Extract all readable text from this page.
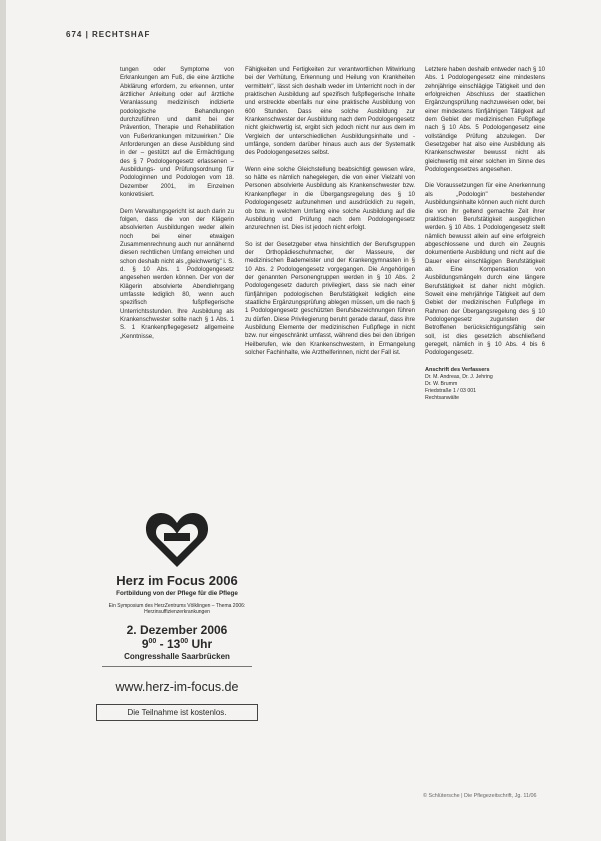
674 | RECHTSHAF

tungen oder Symptome von Erkrankungen am Fuß, die eine ärztliche Abklärung erfordern, zu erkennen, unter ärztlicher Anleitung oder auf ärztliche Veranlassung medizinisch indizierte podologische Behandlungen durchzuführen und damit bei der Prävention, Therapie und Rehabilitation von Fußerkrankungen mitzuwirken." Die Anforderungen an diese Ausbildung sind in der – gestützt auf die Ermächtigung des § 7 Podologengesetz erlassenen – Ausbildungs- und Prüfungsordnung für Podologinnen und Podologen vom 18. Dezember 2001, im Einzelnen konkretisiert.

Dem Verwaltungsgericht ist auch darin zu folgen, dass die von der Klägerin absolvierten Ausbildungen weder allein noch bei einer etwaigen Zusammenrechnung auch nur annähernd diesen rechtlichen Umfang erreichen und schon deshalb nicht als „gleichwertig" i. S. d. § 10 Abs. 1 Podologengesetz angesehen werden können. Der von der Klägerin absolvierte Abendlehrgang umfasste lediglich 80, wenn auch spezifisch fußpflegerische Unterrichtsstunden. Ihre Ausbildung als Krankenschwester sollte nach § 1 Abs. 1 S. 1 Krankenpflegegesetz allgemeine „Kenntnisse,

Fähigkeiten und Fertigkeiten zur verantwortlichen Mitwirkung bei der Verhütung, Erkennung und Heilung von Krankheiten vermitteln", lässt sich deshalb weder im Unterricht noch in der praktischen Ausbildung auf spezifisch fußpflegerische Inhalte und erstreckte ebenfalls nur eine praktische Ausbildung von 600 Stunden. Dass eine solche Ausbildung zur Krankenschwester der Ausbildung nach dem Podologengesetz nicht gleichwertig ist, ergibt sich jedoch nicht nur aus dem im Vergleich der unterschiedlichen Ausbildungsinhalte und -umfänge, sondern darüber hinaus auch aus der Systematik des Podologengesetzes selbst.

Wenn eine solche Gleichstellung beabsichtigt gewesen wäre, so hätte es nämlich nahegelegen, die von einer Vielzahl von Personen absolvierte Ausbildung als Krankenschwester bzw. Krankenpfleger in die Übergangsregelung des § 10 Podologengesetz aufzunehmen und ausdrücklich zu regeln, ob bzw. in welchem Umfang eine solche Ausbildung auf die Ausbildung und Prüfung nach dem Podologengesetz anzurechnen ist. Dies ist jedoch nicht erfolgt.

So ist der Gesetzgeber etwa hinsichtlich der Berufsgruppen der Orthopädieschuhmacher, der Masseure, der medizinischen Bademeister und der Krankengymnasten in § 10 Abs. 2 Podologengesetz vorgegangen. Die Angehörigen der genannten Personengruppen werden in § 10 Abs. 2 Podologengesetz dadurch privilegiert, dass sie nach einer fünfjährigen podologischen Berufstätigkeit lediglich eine staatliche Ergänzungsprüfung ablegen müssen, um die nach § 1 Podologengesetz geschützten Berufsbezeichnungen führen zu dürfen. Diese Privilegierung beruht gerade darauf, dass ihre Ausbildung Elemente der medizinischen Fußpflege in nicht bzw. nur eingeschränkt umfasst, während dies bei den übrigen Heilberufen, wie den Krankenschwestern, in Ermangelung solcher Fachinhalte, wie Arzthelferinnen, nicht der Fall ist.

Letztere haben deshalb entweder nach § 10 Abs. 1 Podologengesetz eine mindestens zehnjährige einschlägige Tätigkeit und den erfolgreichen Abschluss der staatlichen Ergänzungsprüfung nachzuweisen oder, bei einer mindestens fünfjährigen Tätigkeit auf dem Gebiet der medizinischen Fußpflege nach § 10 Abs. 5 Podologengesetz eine vollständige Prüfung abzulegen. Der Gesetzgeber hat also eine Ausbildung als Krankenschwester bewusst nicht als gleichwertig mit einer solchen im Sinne des Podologengesetzes angesehen.

Die Voraussetzungen für eine Anerkennung als „Podologin" bestehender Ausbildungsinhalte können auch nicht durch die von ihr geltend gemachte Zeit ihrer praktischen Berufstätigkeit ausgeglichen werden. § 10 Abs. 1 Podologengesetz stellt nämlich bewusst allein auf eine erfolgreich abgeschlossene und durch ein Zeugnis dokumentierte Ausbildung und nicht auf die Dauer einer einschlägigen Berufstätigkeit ab. Eine Kompensation von Ausbildungsmängeln durch eine längere Berufstätigkeit ist daher nicht möglich. Soweit eine mehrjährige Tätigkeit auf dem Gebiet der medizinischen Fußpflege im Rahmen der Übergangsregelung des § 10 Podologengesetz zugunsten der Betroffenen berücksichtigungsfähig sein soll, ist dies gesetzlich abschließend geregelt, nämlich in § 10 Abs. 4 bis 6 Podologengesetz.

Anschrift des Verfassers
Dr. M. Andreas, Dr. J. Jehring
Dr. W. Brumm
Friedstraße 1 / 03 001
Rechtsanwälte
Herz im Focus 2006
Fortbildung von der Pflege für die Pflege
Ein Symposium des HerzZentrums Völklingen – Thema 2006: Herzinsuffizienzerkrankungen
2. Dezember 2006
$9^{00} - 13^{00}$ Uhr
Congresshalle Saarbrücken
www.herz-im-focus.de
Die Teilnahme ist kostenlos.
© Schlütersche | Die Pflegezeitschrift, Jg. 11/06
